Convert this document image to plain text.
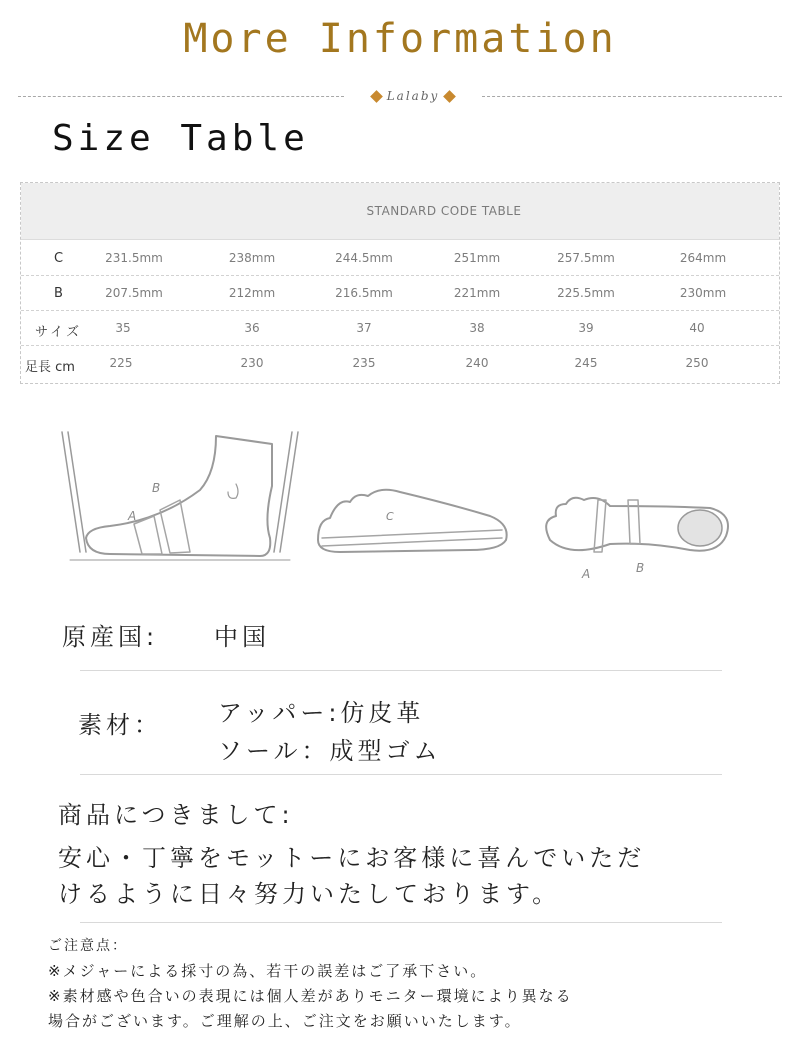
More Information
Lalaby
Size Table
STANDARD CODE TABLE
C	231.5mm	238mm	244.5mm	251mm	257.5mm	264mm
B	207.5mm	212mm	216.5mm	221mm	225.5mm	230mm
サイズ	35	36	37	38	39	40
足長 cm	225	230	235	240	245	250
B
A	C
A	B
原産国: 中国
素材： アッパー:仿皮革
ソール：成型ゴム
商品につきまして:
安心・丁寧をモットーにお客様に喜んでいただ
けるように日々努力いたしております。
ご注意点：
※メジャーによる採寸の為、若干の誤差はご了承下さい。
※素材感や色合いの表現には個人差がありモニター環境により異なる
場合がございます。ご理解の上、ご注文をお願いいたします。
